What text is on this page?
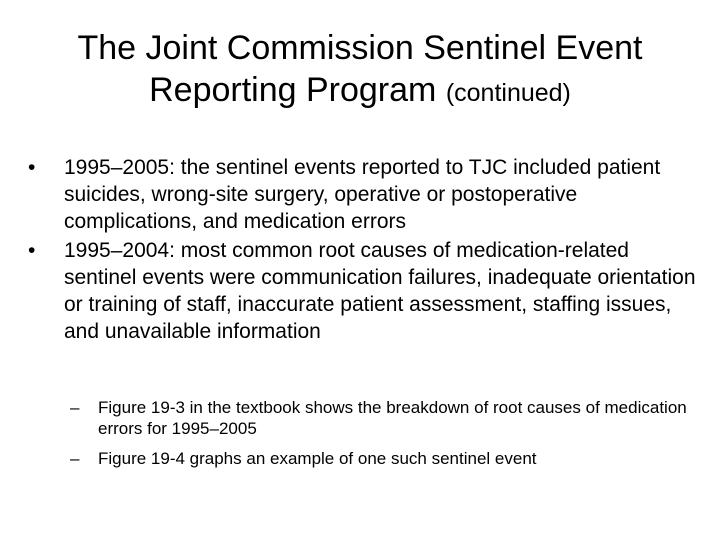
The Joint Commission Sentinel Event Reporting Program (continued)
•	1995–2005: the sentinel events reported to TJC included patient suicides, wrong-site surgery, operative or postoperative complications, and medication errors
•	1995–2004: most common root causes of medication-related sentinel events were communication failures, inadequate orientation or training of staff, inaccurate patient assessment, staffing issues, and unavailable information
– Figure 19-3 in the textbook shows the breakdown of root causes of medication errors for 1995–2005
– Figure 19-4 graphs an example of one such sentinel event
